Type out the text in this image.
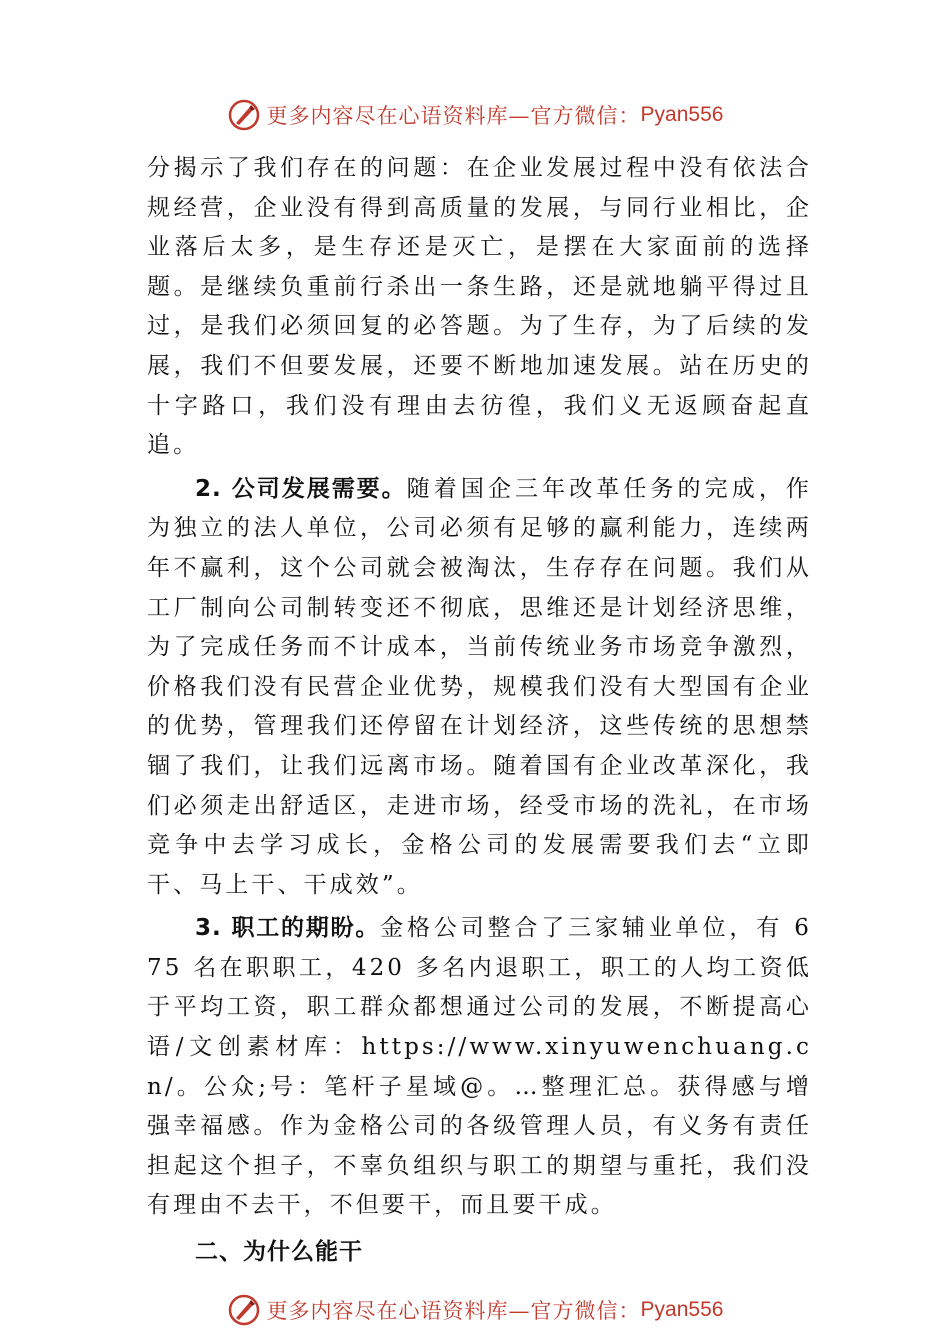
更多内容尽在心语资料库—官方微信： Pyan556

分揭示了我们存在的问题：在企业发展过程中没有依法合规经营，企业没有得到高质量的发展，与同行业相比，企业落后太多，是生存还是灭亡，是摆在大家面前的选择题。是继续负重前行杀出一条生路，还是就地躺平得过且过，是我们必须回复的必答题。为了生存，为了后续的发展，我们不但要发展，还要不断地加速发展。站在历史的十字路口，我们没有理由去彷徨，我们义无返顾奋起直追。

2. 公司发展需要。随着国企三年改革任务的完成，作为独立的法人单位，公司必须有足够的赢利能力，连续两年不赢利，这个公司就会被淘汰，生存存在问题。我们从工厂制向公司制转变还不彻底，思维还是计划经济思维，为了完成任务而不计成本，当前传统业务市场竞争激烈，价格我们没有民营企业优势，规模我们没有大型国有企业的优势，管理我们还停留在计划经济，这些传统的思想禁锢了我们，让我们远离市场。随着国有企业改革深化，我们必须走出舒适区，走进市场，经受市场的洗礼，在市场竞争中去学习成长，金格公司的发展需要我们去“立即干、马上干、干成效”。

3. 职工的期盼。金格公司整合了三家辅业单位，有 675 名在职职工，420 多名内退职工，职工的人均工资低于平均工资，职工群众都想通过公司的发展，不断提高心语/文创素材库：https://www.xinyuwenchuang.cn/。公众;号：笔杆子星域@。…整理汇总。获得感与增强幸福感。作为金格公司的各级管理人员，有义务有责任担起这个担子，不辜负组织与职工的期望与重托，我们没有理由不去干，不但要干，而且要干成。

二、为什么能干
更多内容尽在心语资料库—官方微信： Pyan556
